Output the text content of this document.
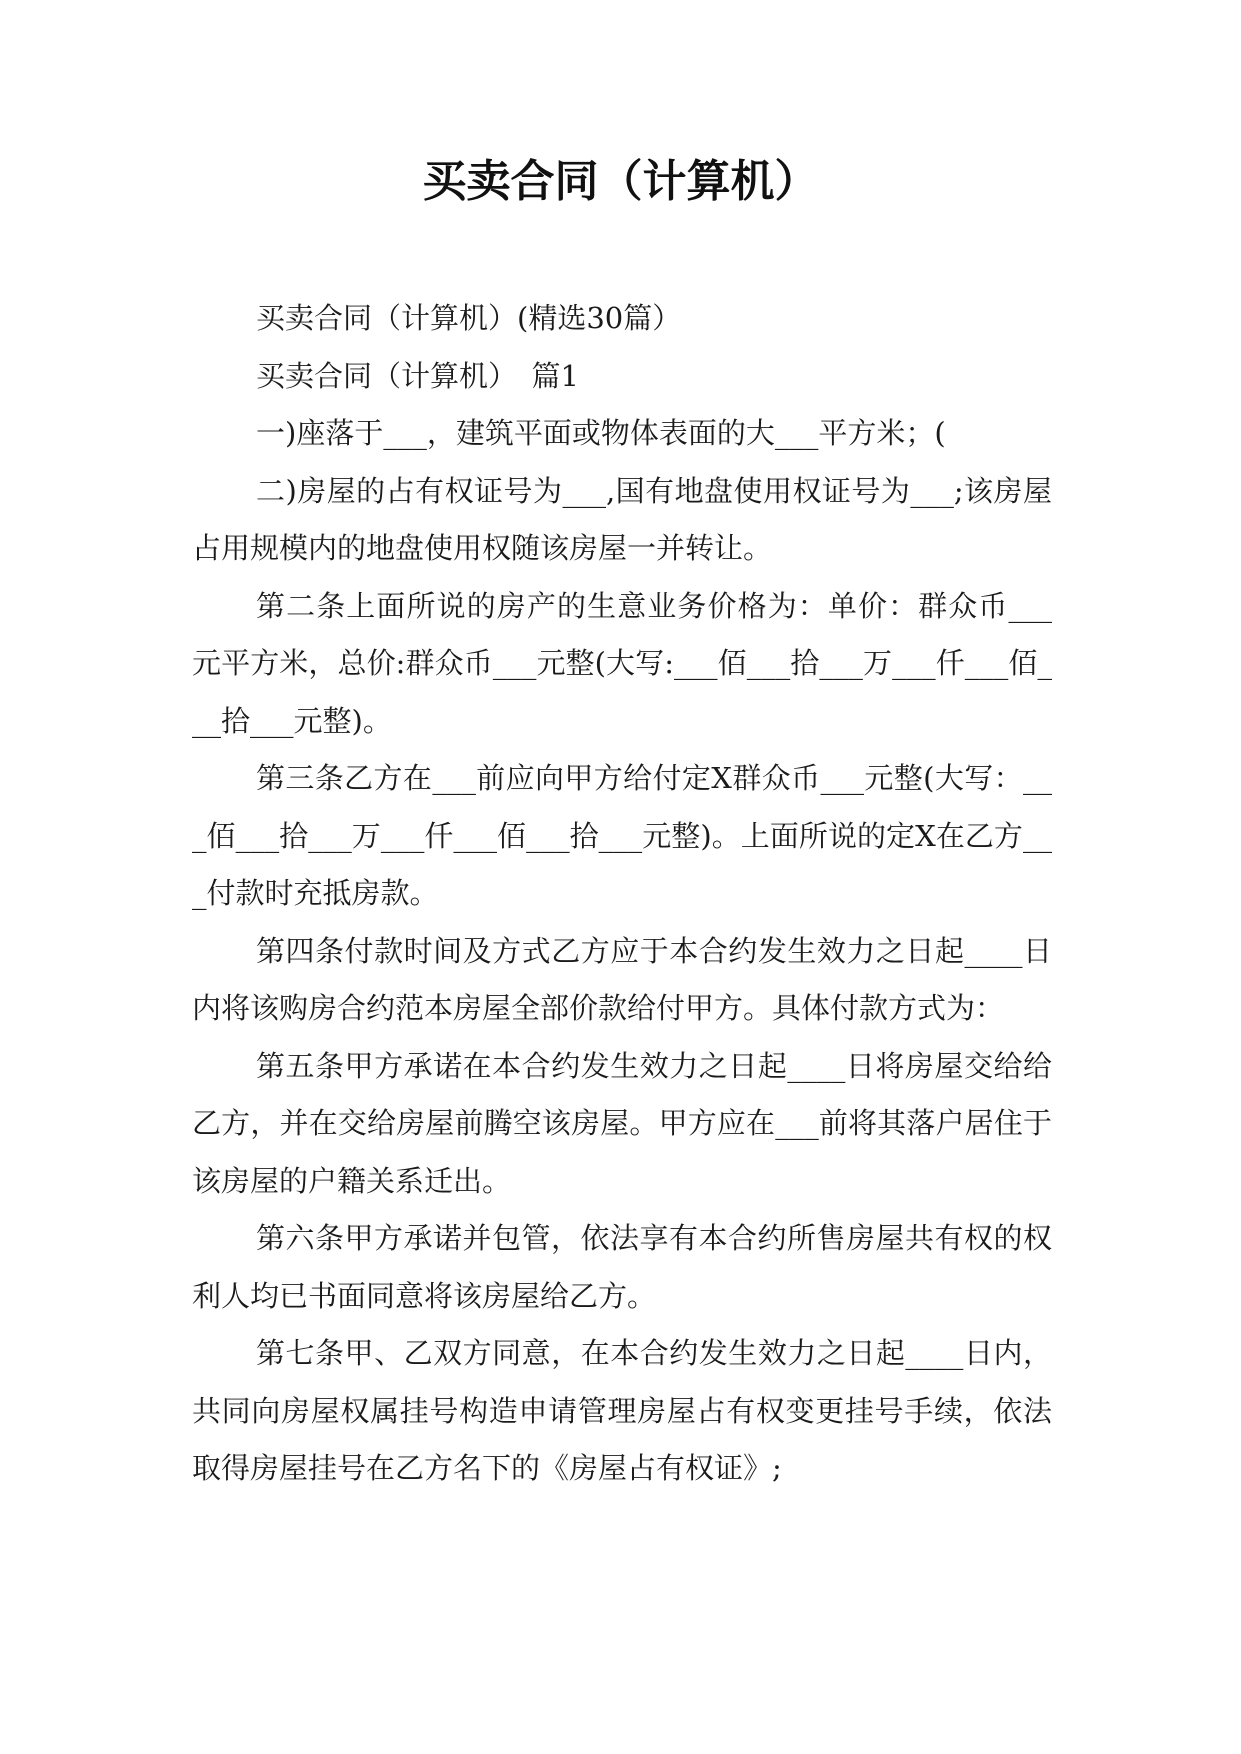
买卖合同（计算机）

买卖合同（计算机）(精选30篇）

买卖合同（计算机）　篇1

一)座落于___，建筑平面或物体表面的大___平方米；(

二)房屋的占有权证号为___,国有地盘使用权证号为___;该房屋占用规模内的地盘使用权随该房屋一并转让。

第二条上面所说的房产的生意业务价格为：单价：群众币___元平方米，总价:群众币___元整(大写:___佰___拾___万___仟___佰___拾___元整)。

第三条乙方在___前应向甲方给付定X群众币___元整(大写：___佰___拾___万___仟___佰___拾___元整)。上面所说的定X在乙方___付款时充抵房款。

第四条付款时间及方式乙方应于本合约发生效力之日起____日内将该购房合约范本房屋全部价款给付甲方。具体付款方式为：

第五条甲方承诺在本合约发生效力之日起____日将房屋交给给乙方，并在交给房屋前腾空该房屋。甲方应在___前将其落户居住于该房屋的户籍关系迁出。

第六条甲方承诺并包管，依法享有本合约所售房屋共有权的权利人均已书面同意将该房屋给乙方。

第七条甲、乙双方同意，在本合约发生效力之日起____日内，共同向房屋权属挂号构造申请管理房屋占有权变更挂号手续，依法取得房屋挂号在乙方名下的《房屋占有权证》;
